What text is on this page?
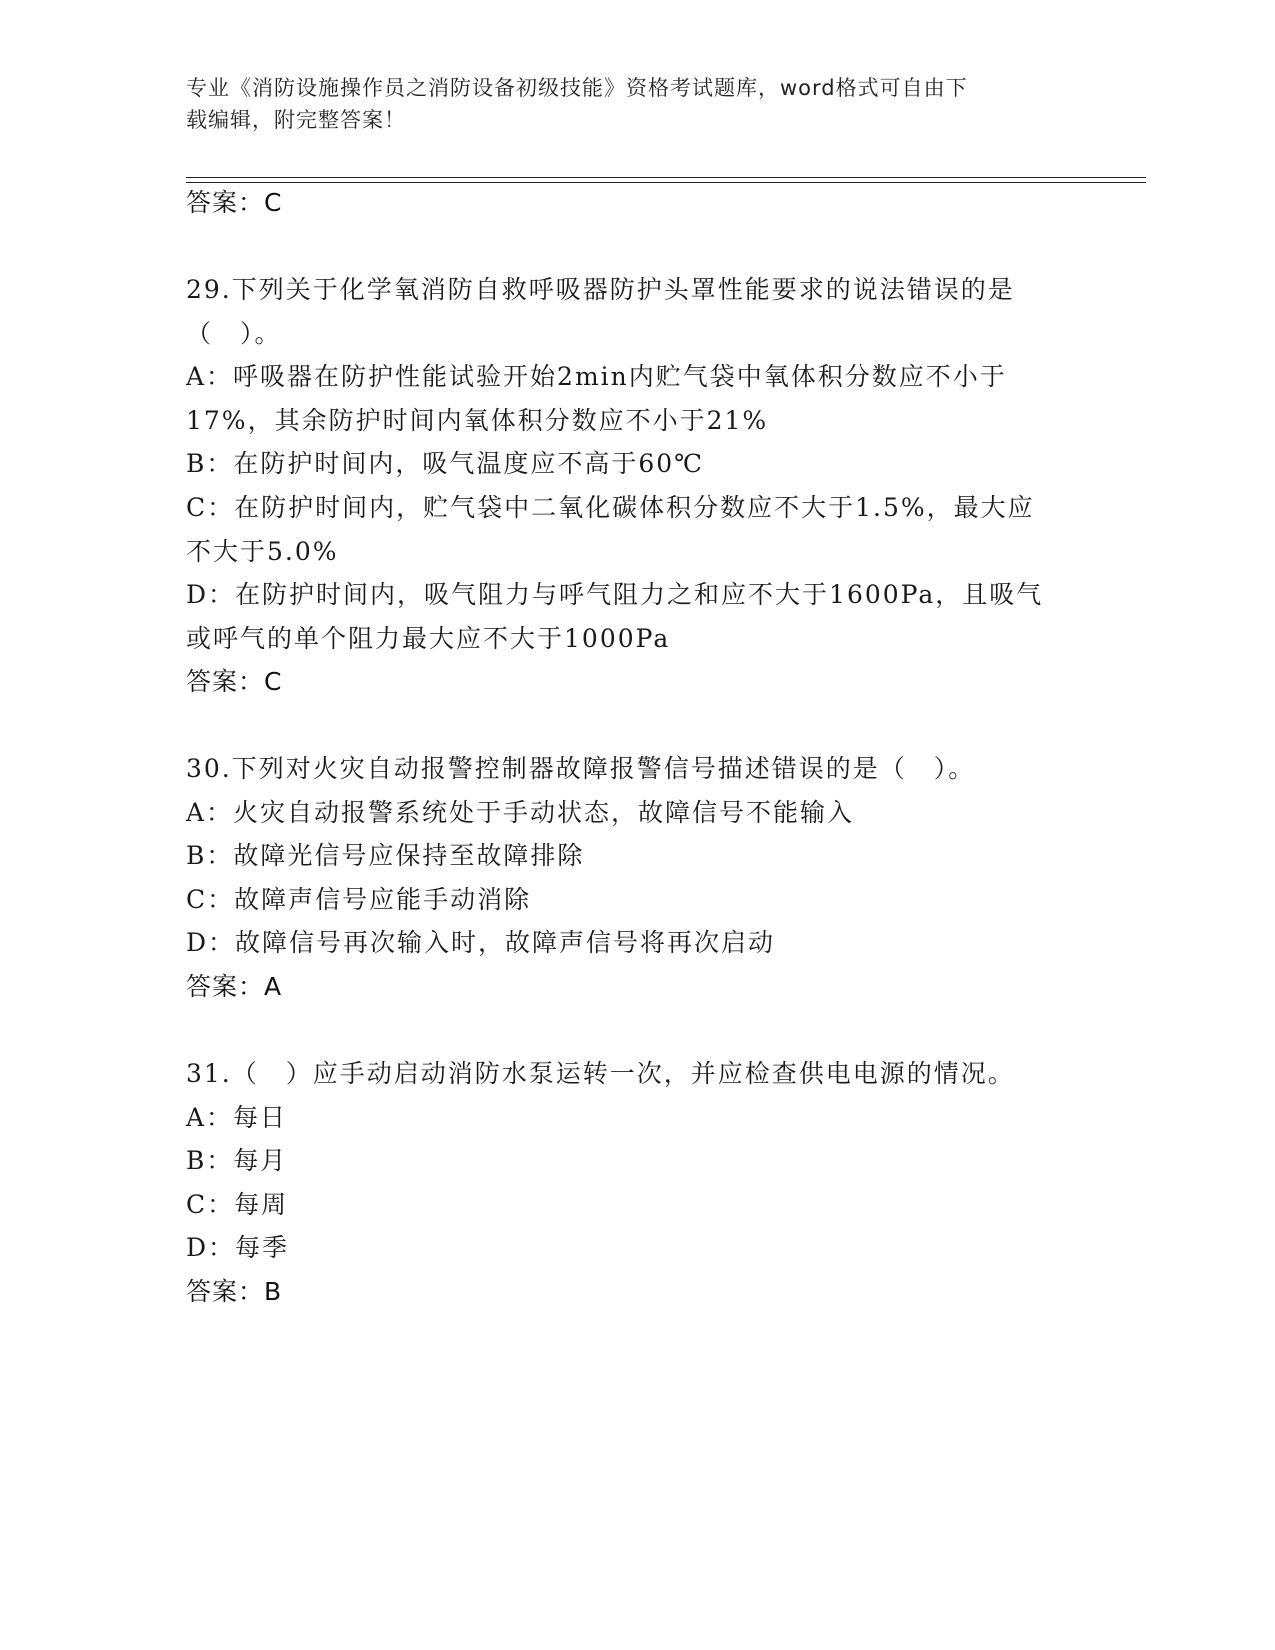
专业《消防设施操作员之消防设备初级技能》资格考试题库，word格式可自由下
载编辑，附完整答案！
答案：C
29.下列关于化学氧消防自救呼吸器防护头罩性能要求的说法错误的是
（　）。
A：呼吸器在防护性能试验开始2min内贮气袋中氧体积分数应不小于
17%，其余防护时间内氧体积分数应不小于21%
B：在防护时间内，吸气温度应不高于60℃
C：在防护时间内，贮气袋中二氧化碳体积分数应不大于1.5%，最大应
不大于5.0%
D：在防护时间内，吸气阻力与呼气阻力之和应不大于1600Pa，且吸气
或呼气的单个阻力最大应不大于1000Pa
答案：C
30.下列对火灾自动报警控制器故障报警信号描述错误的是（　）。
A：火灾自动报警系统处于手动状态，故障信号不能输入
B：故障光信号应保持至故障排除
C：故障声信号应能手动消除
D：故障信号再次输入时，故障声信号将再次启动
答案：A
31.（　）应手动启动消防水泵运转一次，并应检查供电电源的情况。
A：每日
B：每月
C：每周
D：每季
答案：B
